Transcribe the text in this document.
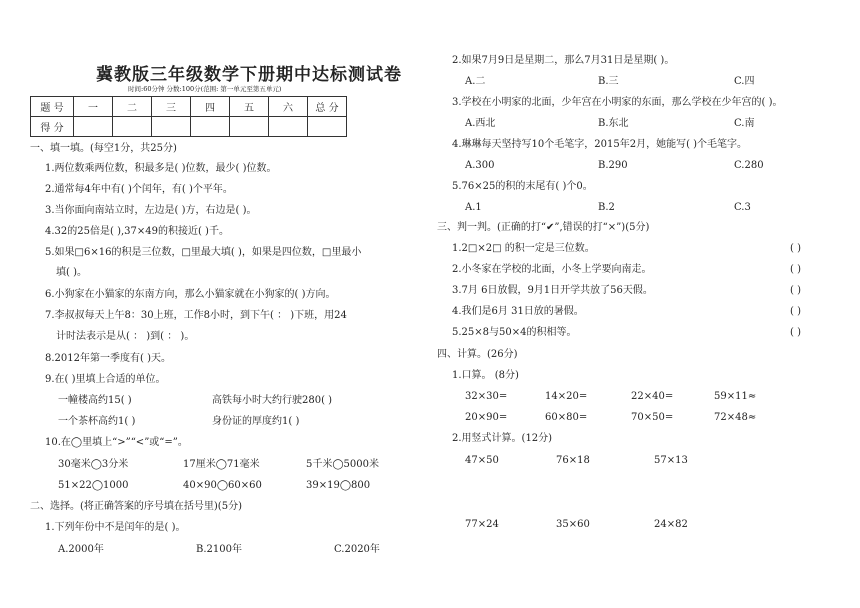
冀教版三年级数学下册期中达标测试卷
时间:60分钟 分数:100分(范围: 第一单元至第五单元)
题 号	一	二	三	四	五	六	总 分
得 分							
一、填一填。(每空1分，共25分)
1.两位数乘两位数，积最多是( )位数，最少( )位数。
2.通常每4年中有( )个闰年，有( )个平年。
3.当你面向南站立时，左边是( )方，右边是( )。
4.32的25倍是( ),37×49的积接近( )千。
5.如果□6×16的积是三位数，□里最大填( )，如果是四位数，□里最小
填( )。
6.小狗家在小猫家的东南方向，那么小猫家就在小狗家的( )方向。
7.李叔叔每天上午8：30上班，工作8小时，到下午( ： )下班，用24
计时法表示是从( ： )到( ： )。
8.2012年第一季度有( )天。
9.在( )里填上合适的单位。
一幢楼高约15( )	高铁每小时大约行驶280( )
一个茶杯高约1( )	身份证的厚度约1( )
10.在◯里填上“>”“<”或“=”。
30毫米◯3分米	17厘米◯71毫米	5千米◯5000米
51×22◯1000	40×90◯60×60	39×19◯800
二、选择。(将正确答案的序号填在括号里)(5分)
1.下列年份中不是闰年的是( )。
A.2000年	B.2100年	C.2020年
2.如果7月9日是星期二，那么7月31日是星期( )。
A.二	B.三	C.四
3.学校在小明家的北面，少年宫在小明家的东面，那么学校在少年宫的( )。
A.西北	B.东北	C.南
4.琳琳每天坚持写10个毛笔字，2015年2月，她能写( )个毛笔字。
A.300	B.290	C.280
5.76×25的积的末尾有( )个0。
A.1	B.2	C.3
三、判一判。(正确的打“✔”,错误的打“×”)(5分)
1.2□×2□ 的积一定是三位数。	( )
2.小冬家在学校的北面，小冬上学要向南走。	( )
3.7月 6日放假，9月1日开学共放了56天假。	( )
4.我们是6月 31日放的暑假。	( )
5.25×8与50×4的积相等。	( )
四、计算。(26分)
1.口算。 (8分)
32×30=	14×20=	22×40=	59×11≈
20×90=	60×80=	70×50=	72×48≈
2.用竖式计算。(12分)
47×50	76×18	57×13
77×24	35×60	24×82
